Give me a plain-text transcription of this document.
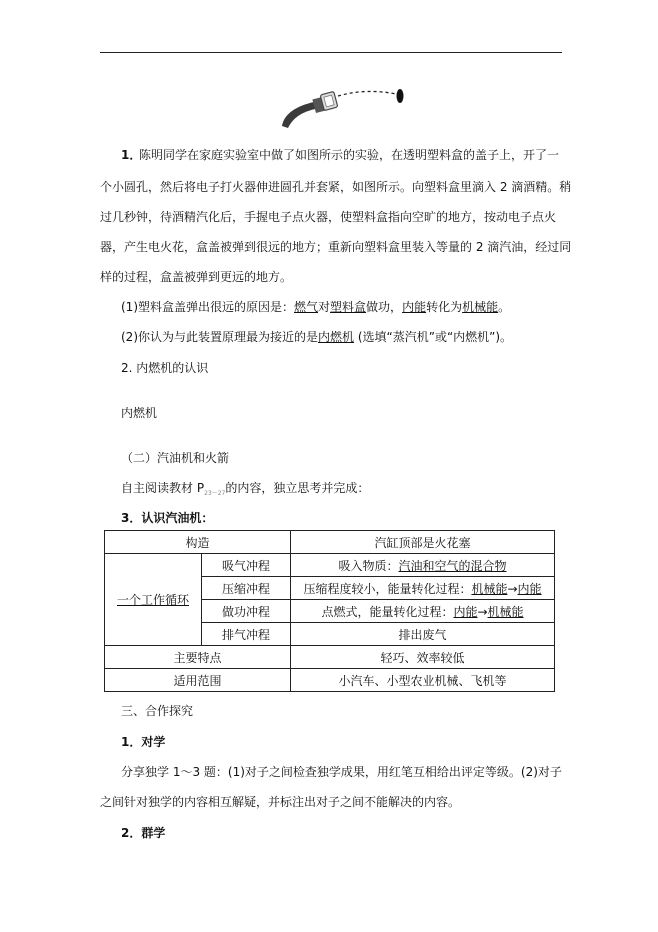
1．
陈明同学在家庭实验室中做了如图所示的实验，在透明塑料盒的盖子上，开了一
个小圆孔，然后将电子打火器伸进圆孔并套紧，如图所示。向塑料盒里滴入 2 滴酒精。稍
过几秒钟，待酒精汽化后，手握电子点火器，使塑料盒指向空旷的地方，按动电子点火
器，产生电火花，盒盖被弹到很远的地方；重新向塑料盒里装入等量的 2 滴汽油，经过同
样的过程，盒盖被弹到更远的地方。
(1)塑料盒盖弹出很远的原因是：燃气对塑料盒做功，内能转化为机械能。
(2)你认为与此装置原理最为接近的是内燃机 (选填“蒸汽机”或“内燃机”)。
2. 内燃机的认识
内燃机
（二）汽油机和火箭
自主阅读教材 $P_{23\sim 27}$的内容，独立思考并完成：
3．认识汽油机：
构造		汽缸顶部是火花塞
一个工作循环	吸气冲程	吸入物质：汽油和空气的混合物
	压缩冲程	压缩程度较小，能量转化过程：机械能→内能
	做功冲程	点燃式，能量转化过程：内能→机械能
	排气冲程	排出废气
主要特点		轻巧、效率较低
适用范围		小汽车、小型农业机械、飞机等
三、合作探究
1．对学
分享独学 1～3 题：(1)对子之间检查独学成果，用红笔互相给出评定等级。(2)对子
之间针对独学的内容相互解疑，并标注出对子之间不能解决的内容。
2．群学
